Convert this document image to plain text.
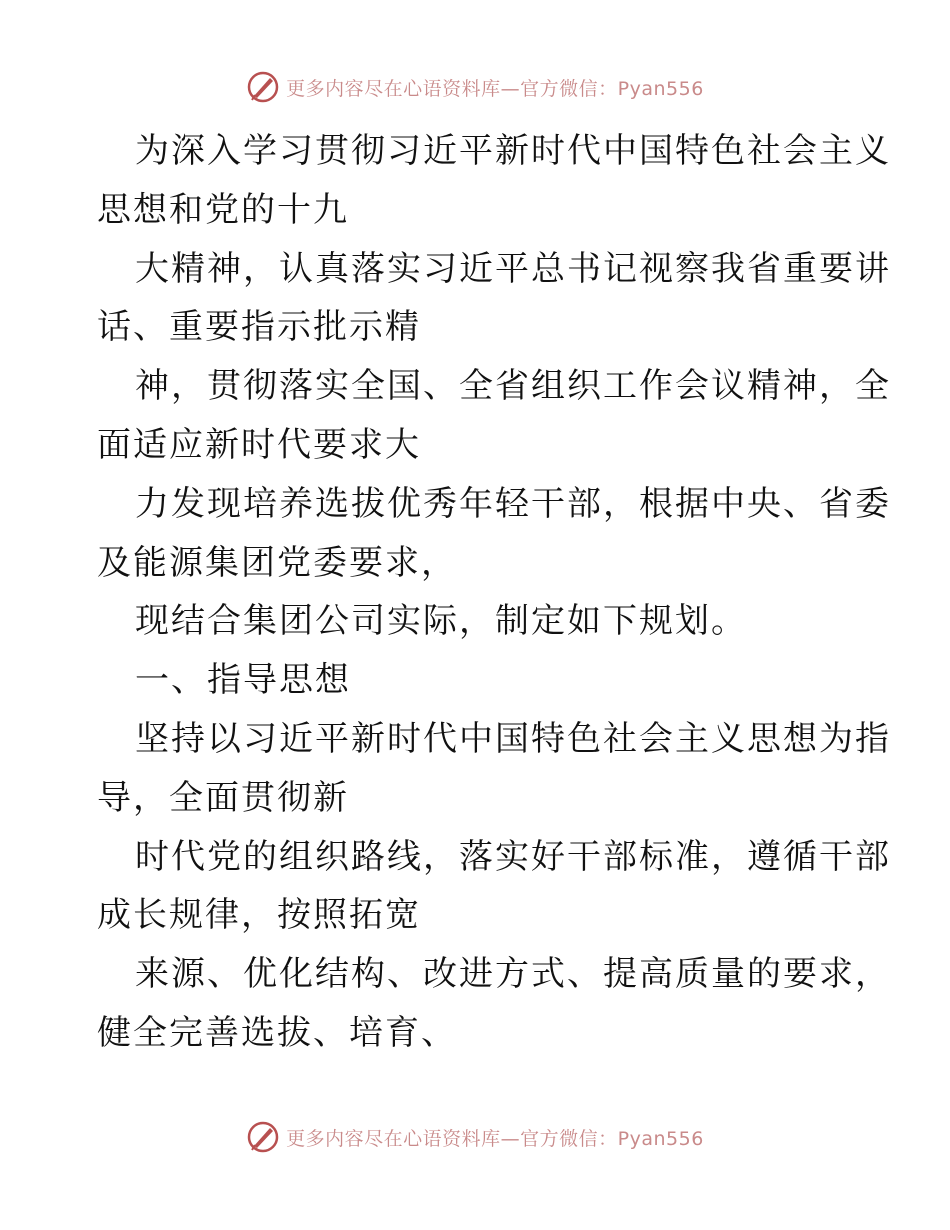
更多内容尽在心语资料库—官方微信：Pyan556
为深入学习贯彻习近平新时代中国特色社会主义
思想和党的十九
大精神，认真落实习近平总书记视察我省重要讲
话、重要指示批示精
神，贯彻落实全国、全省组织工作会议精神，全
面适应新时代要求大
力发现培养选拔优秀年轻干部，根据中央、省委
及能源集团党委要求，
现结合集团公司实际，制定如下规划。
一、指导思想
坚持以习近平新时代中国特色社会主义思想为指
导，全面贯彻新
时代党的组织路线，落实好干部标准，遵循干部
成长规律，按照拓宽
来源、优化结构、改进方式、提高质量的要求，
健全完善选拔、培育、
更多内容尽在心语资料库—官方微信：Pyan556
